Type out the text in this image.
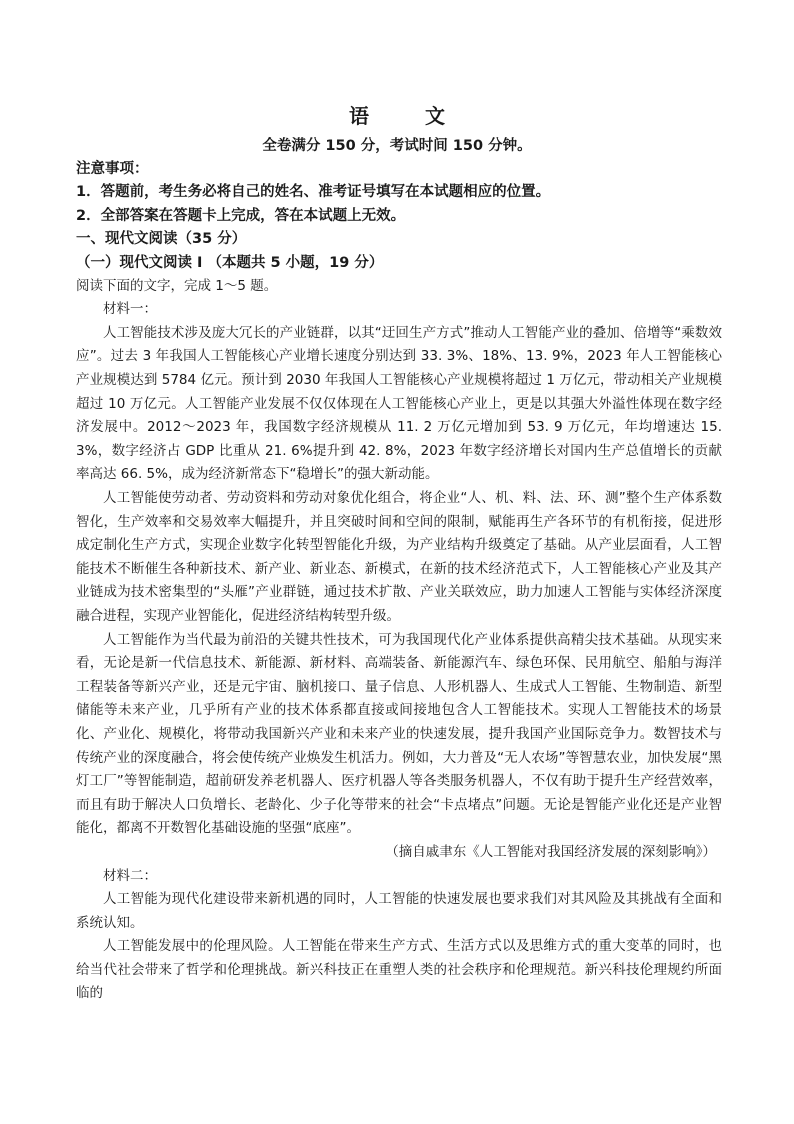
语　文
全卷满分 150 分，考试时间 150 分钟。

注意事项：

1．答题前，考生务必将自己的姓名、准考证号填写在本试题相应的位置。

2．全部答案在答题卡上完成，答在本试题上无效。

一、现代文阅读（35 分）

（一）现代文阅读 I （本题共 5 小题，19 分）

阅读下面的文字，完成 1～5 题。

材料一：

人工智能技术涉及庞大冗长的产业链群，以其“迂回生产方式”推动人工智能产业的叠加、倍增等“乘数效应”。过去 3 年我国人工智能核心产业增长速度分别达到 33. 3%、18%、13. 9%，2023 年人工智能核心产业规模达到 5784 亿元。预计到 2030 年我国人工智能核心产业规模将超过 1 万亿元，带动相关产业规模超过 10 万亿元。人工智能产业发展不仅仅体现在人工智能核心产业上，更是以其强大外溢性体现在数字经济发展中。2012～2023 年，我国数字经济规模从 11. 2 万亿元增加到 53. 9 万亿元，年均增速达 15. 3%，数字经济占 GDP 比重从 21. 6%提升到 42. 8%，2023 年数字经济增长对国内生产总值增长的贡献率高达 66. 5%，成为经济新常态下“稳增长”的强大新动能。

人工智能使劳动者、劳动资料和劳动对象优化组合，将企业“人、机、料、法、环、测”整个生产体系数智化，生产效率和交易效率大幅提升，并且突破时间和空间的限制，赋能再生产各环节的有机衔接，促进形成定制化生产方式，实现企业数字化转型智能化升级，为产业结构升级奠定了基础。从产业层面看，人工智能技术不断催生各种新技术、新产业、新业态、新模式，在新的技术经济范式下，人工智能核心产业及其产业链成为技术密集型的“头雁”产业群链，通过技术扩散、产业关联效应，助力加速人工智能与实体经济深度融合进程，实现产业智能化，促进经济结构转型升级。

人工智能作为当代最为前沿的关键共性技术，可为我国现代化产业体系提供高精尖技术基础。从现实来看，无论是新一代信息技术、新能源、新材料、高端装备、新能源汽车、绿色环保、民用航空、船舶与海洋工程装备等新兴产业，还是元宇宙、脑机接口、量子信息、人形机器人、生成式人工智能、生物制造、新型储能等未来产业，几乎所有产业的技术体系都直接或间接地包含人工智能技术。实现人工智能技术的场景化、产业化、规模化，将带动我国新兴产业和未来产业的快速发展，提升我国产业国际竞争力。数智技术与传统产业的深度融合，将会使传统产业焕发生机活力。例如，大力普及“无人农场”等智慧农业，加快发展“黑灯工厂”等智能制造，超前研发养老机器人、医疗机器人等各类服务机器人，不仅有助于提升生产经营效率，而且有助于解决人口负增长、老龄化、少子化等带来的社会“卡点堵点”问题。无论是智能产业化还是产业智能化，都离不开数智化基础设施的坚强“底座”。

（摘自戚聿东《人工智能对我国经济发展的深刻影响》）

材料二：

人工智能为现代化建设带来新机遇的同时，人工智能的快速发展也要求我们对其风险及其挑战有全面和系统认知。

人工智能发展中的伦理风险。人工智能在带来生产方式、生活方式以及思维方式的重大变革的同时，也给当代社会带来了哲学和伦理挑战。新兴科技正在重塑人类的社会秩序和伦理规范。新兴科技伦理规约所面临的
